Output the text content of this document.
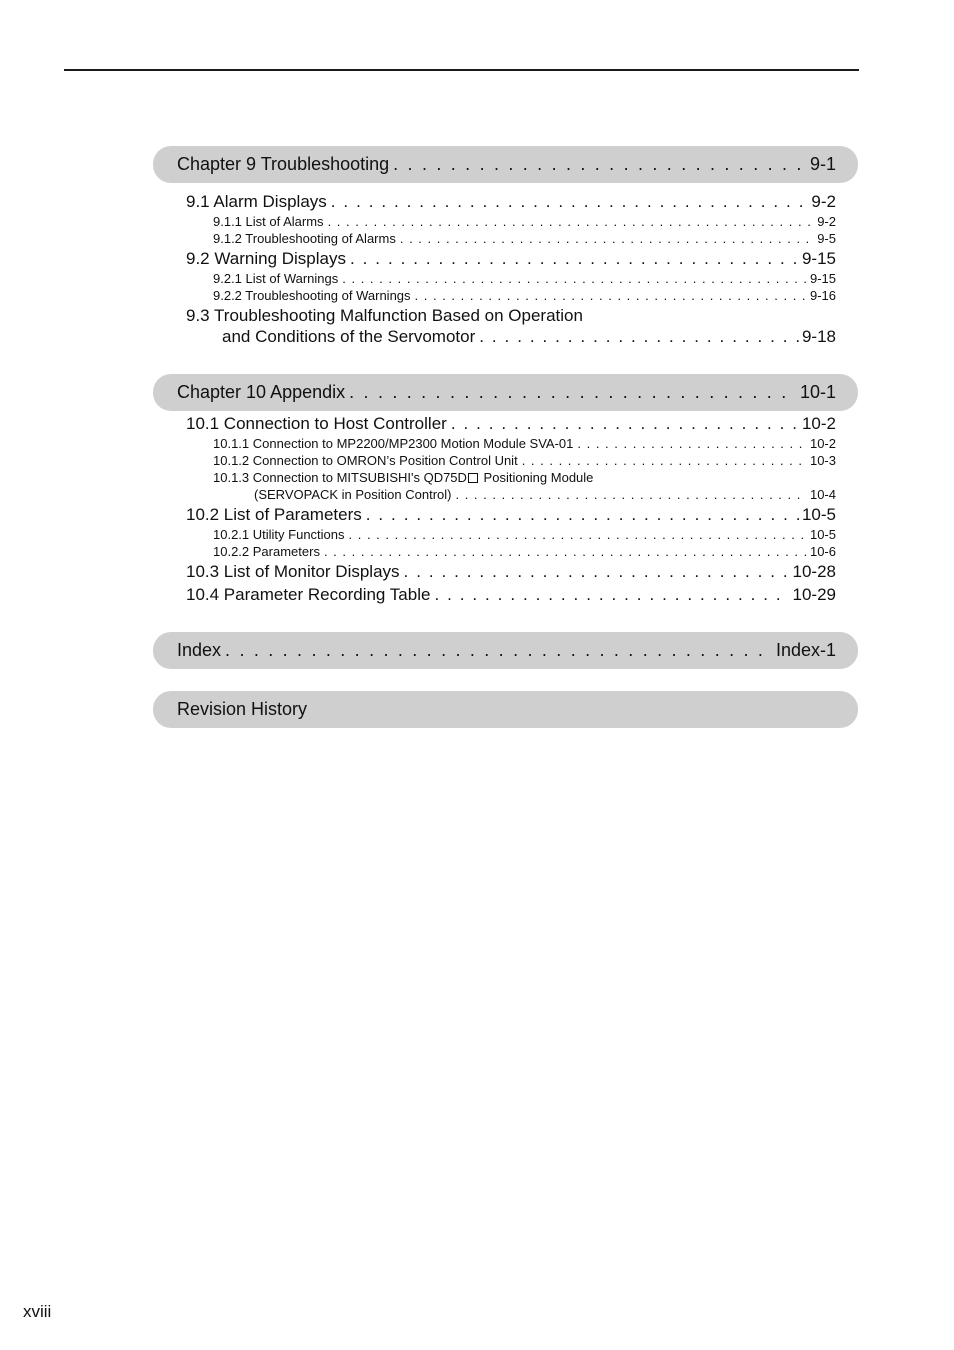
Chapter 9 Troubleshooting . . .	9-1
9.1 Alarm Displays . . .	9-2
9.1.1 List of Alarms . . .	9-2
9.1.2 Troubleshooting of Alarms . . .	9-5
9.2 Warning Displays . . .	9-15
9.2.1 List of Warnings . . .	9-15
9.2.2 Troubleshooting of Warnings . . .	9-16
9.3 Troubleshooting Malfunction Based on Operation
and Conditions of the Servomotor . . .	9-18
Chapter 10 Appendix . . .	10-1
10.1 Connection to Host Controller . . .	10-2
10.1.1 Connection to MP2200/MP2300 Motion Module SVA-01 . . .	10-2
10.1.2 Connection to OMRON’s Position Control Unit . . .	10-3
10.1.3 Connection to MITSUBISHI's QD75D Positioning Module
(SERVOPACK in Position Control) . . .	10-4
10.2 List of Parameters . . .	10-5
10.2.1 Utility Functions . . .	10-5
10.2.2 Parameters . . .	10-6
10.3 List of Monitor Displays . . .	10-28
10.4 Parameter Recording Table . . .	10-29
Index . . .	Index-1
Revision History
xviii
